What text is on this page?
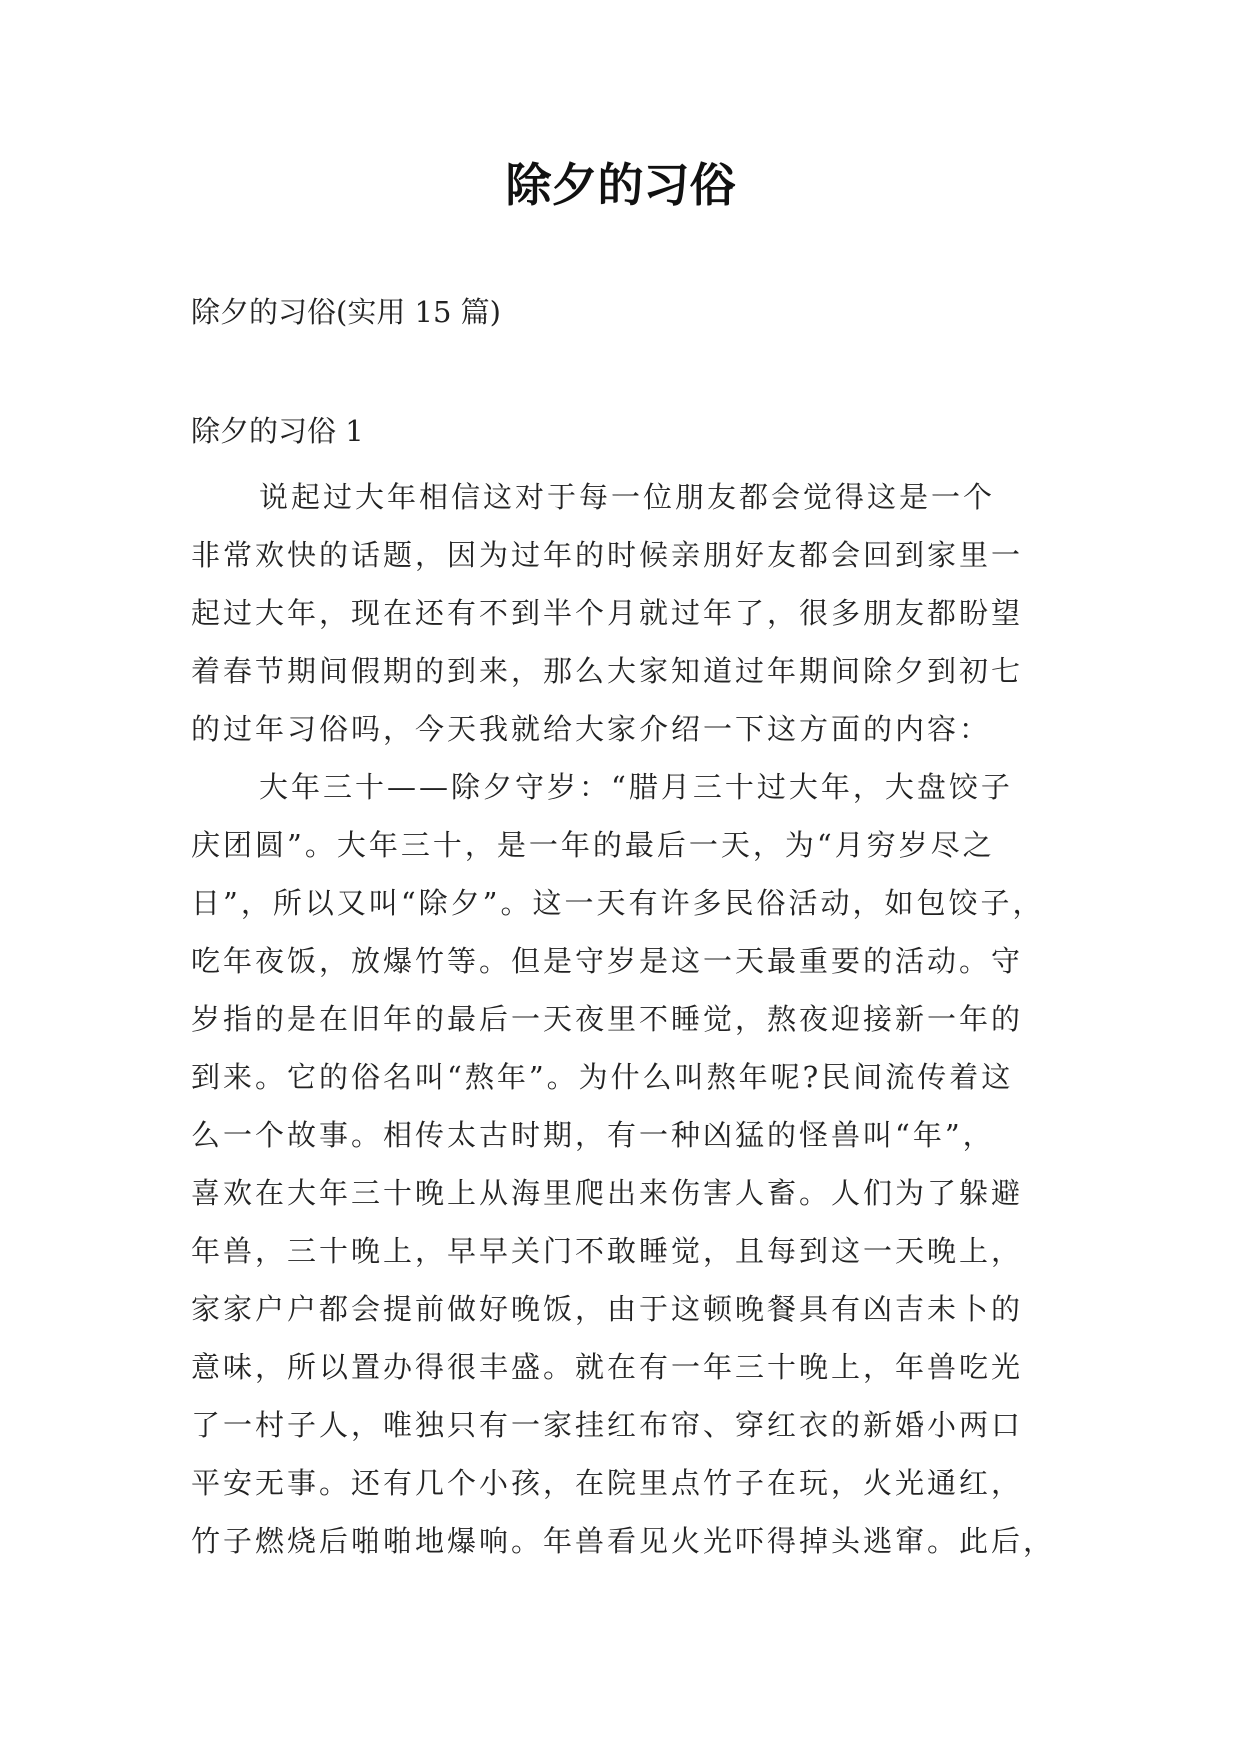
除夕的习俗

除夕的习俗(实用 15 篇)

除夕的习俗 1

说起过大年相信这对于每一位朋友都会觉得这是一个
非常欢快的话题，因为过年的时候亲朋好友都会回到家里一
起过大年，现在还有不到半个月就过年了，很多朋友都盼望
着春节期间假期的到来，那么大家知道过年期间除夕到初七
的过年习俗吗，今天我就给大家介绍一下这方面的内容：
大年三十——除夕守岁：“腊月三十过大年，大盘饺子
庆团圆”。大年三十，是一年的最后一天，为“月穷岁尽之
日”，所以又叫“除夕”。这一天有许多民俗活动，如包饺子，
吃年夜饭，放爆竹等。但是守岁是这一天最重要的活动。守
岁指的是在旧年的最后一天夜里不睡觉，熬夜迎接新一年的
到来。它的俗名叫“熬年”。为什么叫熬年呢?民间流传着这
么一个故事。相传太古时期，有一种凶猛的怪兽叫“年”，
喜欢在大年三十晚上从海里爬出来伤害人畜。人们为了躲避
年兽，三十晚上，早早关门不敢睡觉，且每到这一天晚上，
家家户户都会提前做好晚饭，由于这顿晚餐具有凶吉未卜的
意味，所以置办得很丰盛。就在有一年三十晚上，年兽吃光
了一村子人，唯独只有一家挂红布帘、穿红衣的新婚小两口
平安无事。还有几个小孩，在院里点竹子在玩，火光通红，
竹子燃烧后啪啪地爆响。年兽看见火光吓得掉头逃窜。此后，
